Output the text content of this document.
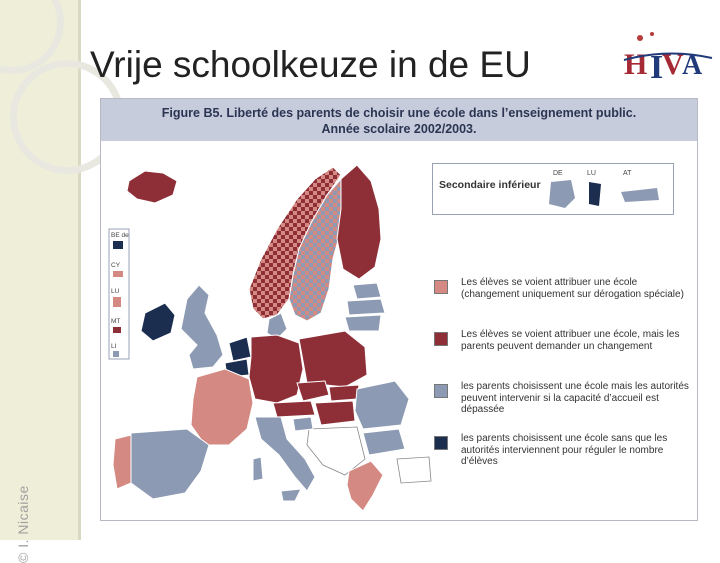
© I. Nicaise
Vrije schoolkeuze in de EU	H I
V
A
Figure B5. Liberté des parents de choisir une école dans l’enseignement public.
Année scolaire 2002/2003.
BE de
CY
LU
MT
LI
Secondaire inférieur
DE	LU	AT
Les élèves se voient attribuer une école (changement uniquement sur dérogation spéciale)
Les élèves se voient attribuer une école, mais les parents peuvent demander un changement
les parents choisissent une école mais les autorités peuvent intervenir si la capacité d’accueil est dépassée
les parents choisissent une école sans que les autorités interviennent pour réguler le nombre d’élèves
